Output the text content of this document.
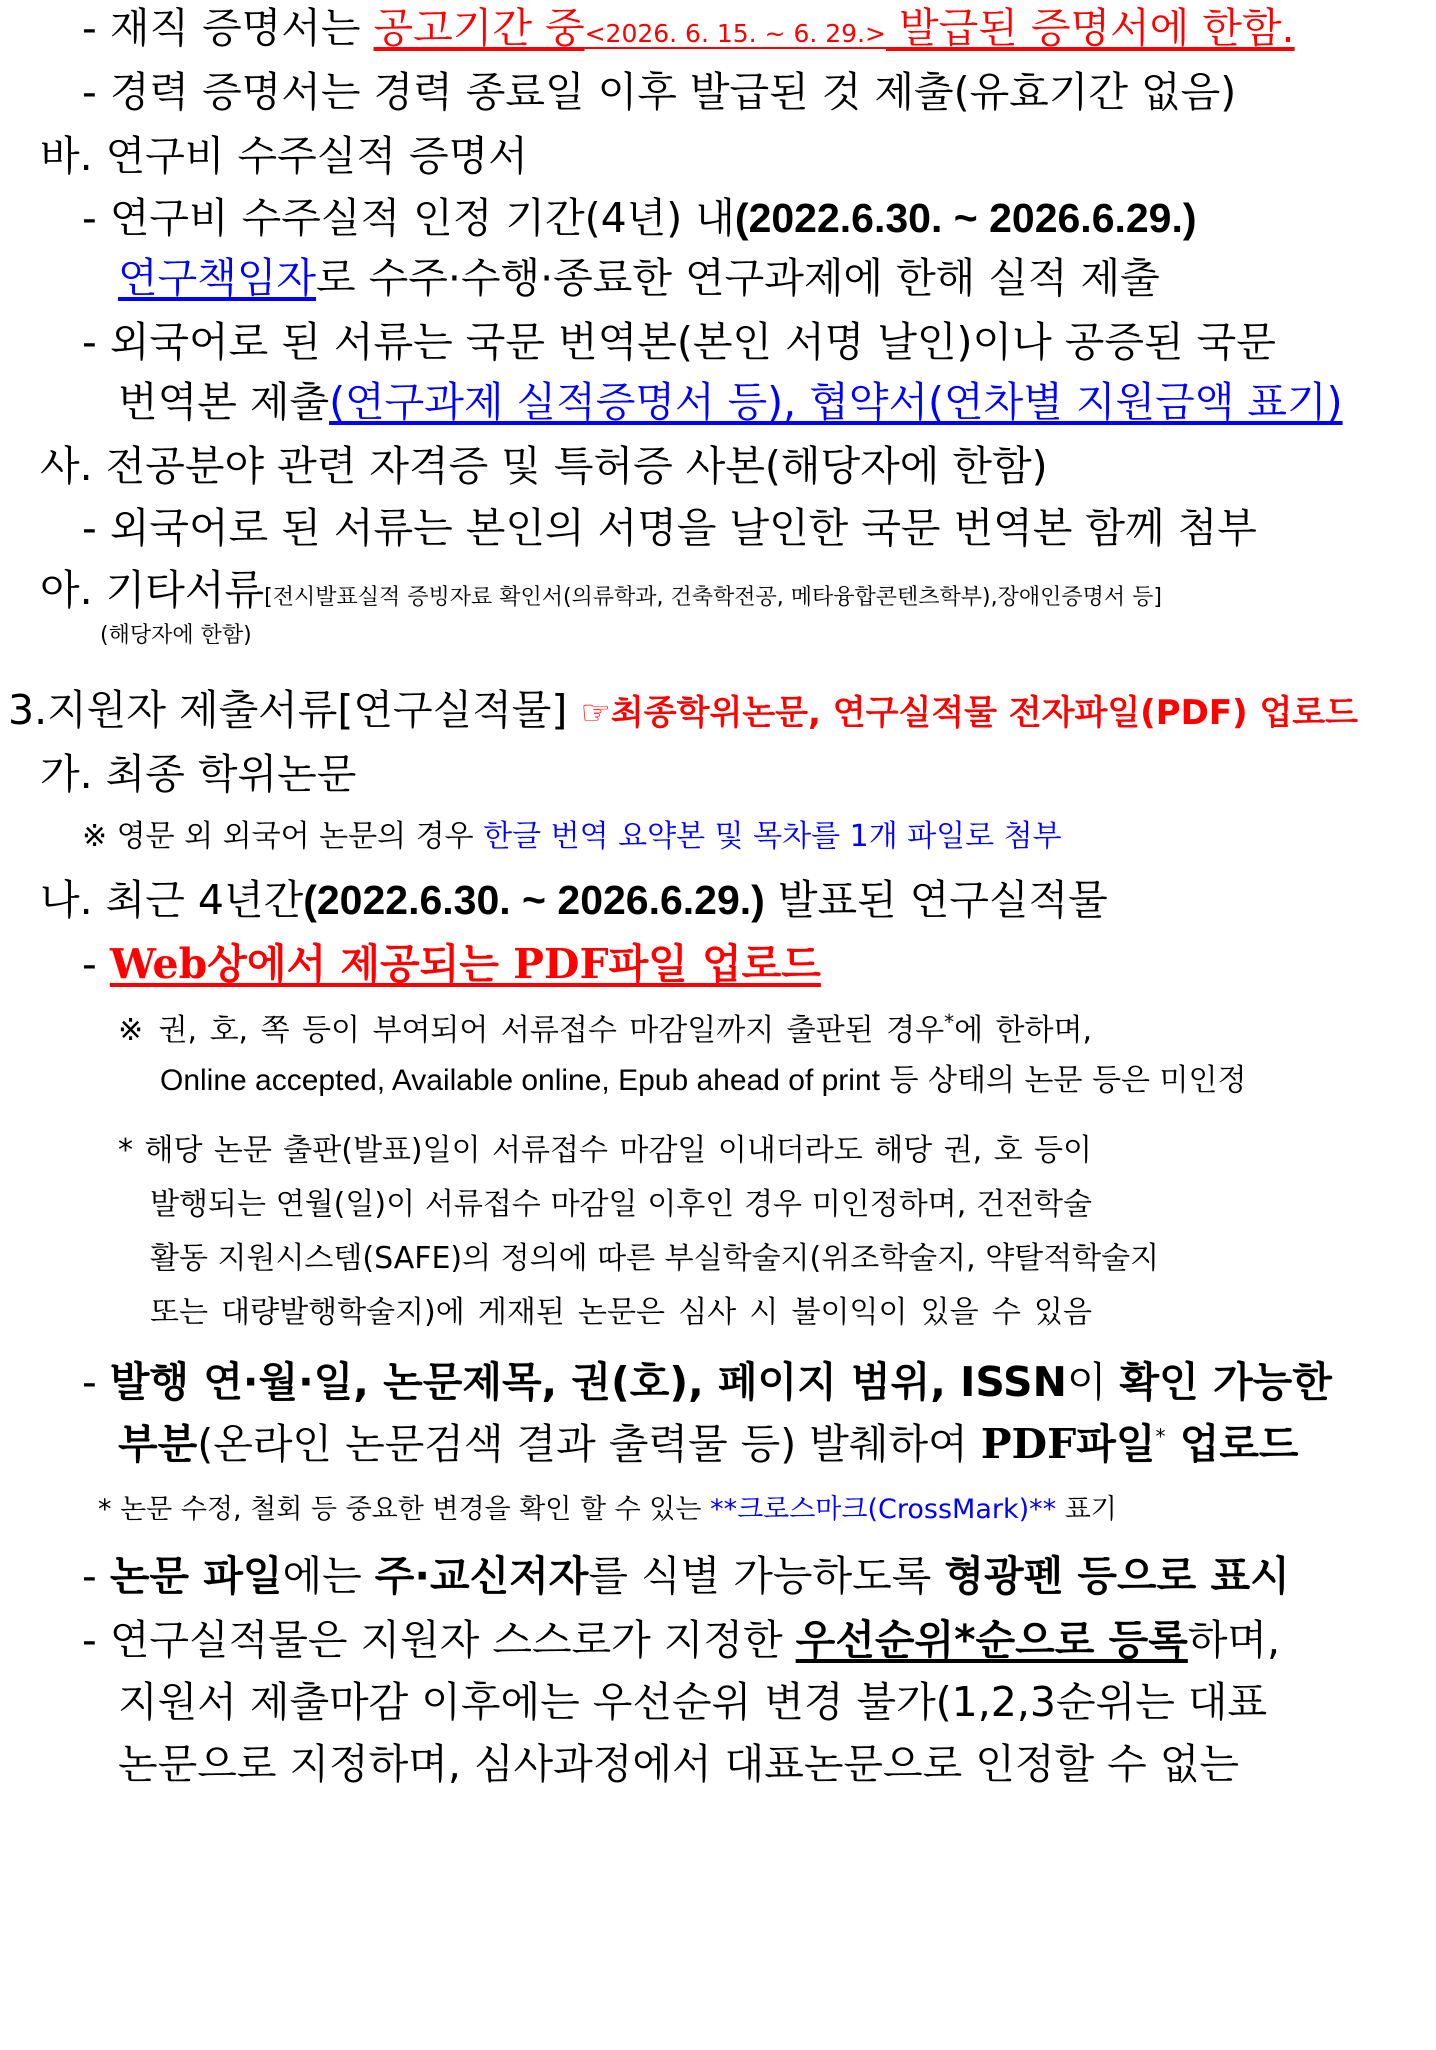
- 재직 증명서는 공고기간 중<2026. 6. 15. ~ 6. 29.> 발급된 증명서에 한함.
- 경력 증명서는 경력 종료일 이후 발급된 것 제출(유효기간 없음)
바. 연구비 수주실적 증명서
- 연구비 수주실적 인정 기간(4년) 내(2022.6.30. ~ 2026.6.29.)
연구책임자로 수주·수행·종료한 연구과제에 한해 실적 제출
- 외국어로 된 서류는 국문 번역본(본인 서명 날인)이나 공증된 국문
번역본 제출(연구과제 실적증명서 등), 협약서(연차별 지원금액 표기)
사. 전공분야 관련 자격증 및 특허증 사본(해당자에 한함)
- 외국어로 된 서류는 본인의 서명을 날인한 국문 번역본 함께 첨부
아. 기타서류[전시발표실적 증빙자료 확인서(의류학과, 건축학전공, 메타융합콘텐츠학부),장애인증명서 등]
(해당자에 한함)
3.지원자 제출서류[연구실적물] ☞최종학위논문, 연구실적물 전자파일(PDF) 업로드
가. 최종 학위논문
※ 영문 외 외국어 논문의 경우 한글 번역 요약본 및 목차를 1개 파일로 첨부
나. 최근 4년간(2022.6.30. ~ 2026.6.29.) 발표된 연구실적물
- Web상에서 제공되는 PDF파일 업로드
※ 권, 호, 쪽 등이 부여되어 서류접수 마감일까지 출판된 경우*에 한하며,
Online accepted, Available online, Epub ahead of print 등 상태의 논문 등은 미인정
* 해당 논문 출판(발표)일이 서류접수 마감일 이내더라도 해당 권, 호 등이
발행되는 연월(일)이 서류접수 마감일 이후인 경우 미인정하며, 건전학술
활동 지원시스템(SAFE)의 정의에 따른 부실학술지(위조학술지, 약탈적학술지
또는 대량발행학술지)에 게재된 논문은 심사 시 불이익이 있을 수 있음
- 발행 연·월·일, 논문제목, 권(호), 페이지 범위, ISSN이 확인 가능한
부분(온라인 논문검색 결과 출력물 등) 발췌하여 PDF파일* 업로드
* 논문 수정, 철회 등 중요한 변경을 확인 할 수 있는 **크로스마크(CrossMark)** 표기
- 논문 파일에는 주·교신저자를 식별 가능하도록 형광펜 등으로 표시
- 연구실적물은 지원자 스스로가 지정한 우선순위*순으로 등록하며,
지원서 제출마감 이후에는 우선순위 변경 불가(1,2,3순위는 대표
논문으로 지정하며, 심사과정에서 대표논문으로 인정할 수 없는
